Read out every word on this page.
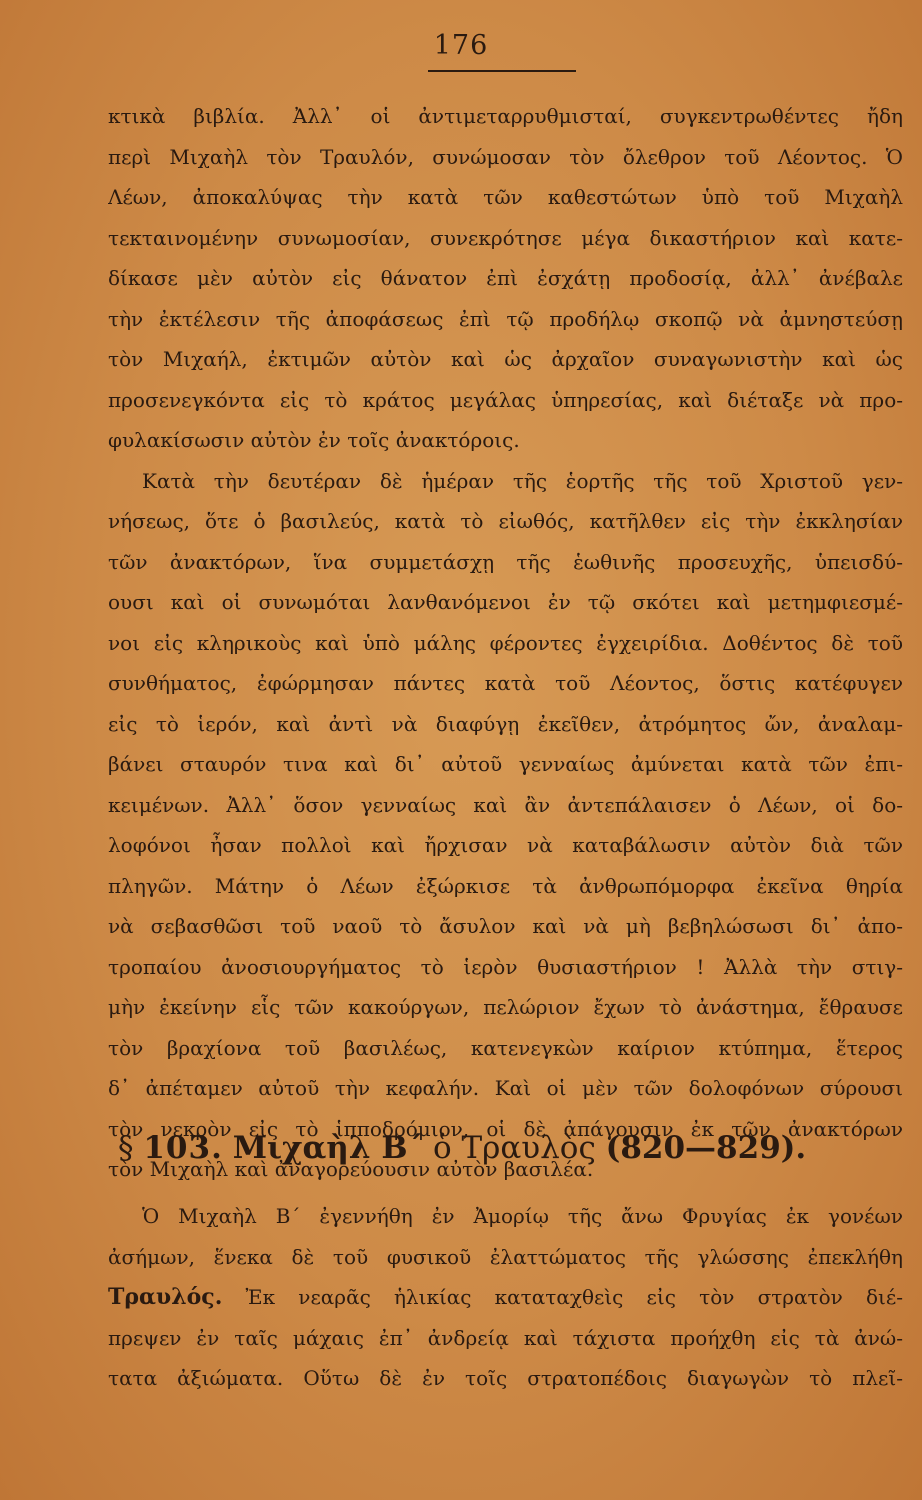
176
κτικὰ βιβλία. Ἀλλ᾽ οἱ ἀντιμεταρρυθμισταί, συγκεντρωθέντες ἤδη
περὶ Μιχαὴλ τὸν Τραυλόν, συνώμοσαν τὸν ὄλεθρον τοῦ Λέοντος. Ὁ
Λέων, ἀποκαλύψας τὴν κατὰ τῶν καθεστώτων ὑπὸ τοῦ Μιχαὴλ
τεκταινομένην συνωμοσίαν, συνεκρότησε μέγα δικαστήριον καὶ κατε-
δίκασε μὲν αὐτὸν εἰς θάνατον ἐπὶ ἐσχάτῃ προδοσίᾳ, ἀλλ᾽ ἀνέβαλε
τὴν ἐκτέλεσιν τῆς ἀποφάσεως ἐπὶ τῷ προδήλῳ σκοπῷ νὰ ἀμνηστεύσῃ
τὸν Μιχαήλ, ἐκτιμῶν αὐτὸν καὶ ὡς ἀρχαῖον συναγωνιστὴν καὶ ὡς
προσενεγκόντα εἰς τὸ κράτος μεγάλας ὑπηρεσίας, καὶ διέταξε νὰ προ-
φυλακίσωσιν αὐτὸν ἐν τοῖς ἀνακτόροις.
Κατὰ τὴν δευτέραν δὲ ἡμέραν τῆς ἑορτῆς τῆς τοῦ Χριστοῦ γεν-
νήσεως, ὅτε ὁ βασιλεύς, κατὰ τὸ εἰωθός, κατῆλθεν εἰς τὴν ἐκκλησίαν
τῶν ἀνακτόρων, ἵνα συμμετάσχῃ τῆς ἑωθινῆς προσευχῆς, ὑπεισδύ-
ουσι καὶ οἱ συνωμόται λανθανόμενοι ἐν τῷ σκότει καὶ μετημφιεσμέ-
νοι εἰς κληρικοὺς καὶ ὑπὸ μάλης φέροντες ἐγχειρίδια. Δοθέντος δὲ τοῦ
συνθήματος, ἐφώρμησαν πάντες κατὰ τοῦ Λέοντος, ὅστις κατέφυγεν
εἰς τὸ ἱερόν, καὶ ἀντὶ νὰ διαφύγῃ ἐκεῖθεν, ἀτρόμητος ὤν, ἀναλαμ-
βάνει σταυρόν τινα καὶ δι᾽ αὐτοῦ γενναίως ἀμύνεται κατὰ τῶν ἐπι-
κειμένων. Ἀλλ᾽ ὅσον γενναίως καὶ ἂν ἀντεπάλαισεν ὁ Λέων, οἱ δο-
λοφόνοι ἦσαν πολλοὶ καὶ ἤρχισαν νὰ καταβάλωσιν αὐτὸν διὰ τῶν
πληγῶν. Μάτην ὁ Λέων ἐξώρκισε τὰ ἀνθρωπόμορφα ἐκεῖνα θηρία
νὰ σεβασθῶσι τοῦ ναοῦ τὸ ἄσυλον καὶ νὰ μὴ βεβηλώσωσι δι᾽ ἀπο-
τροπαίου ἀνοσιουργήματος τὸ ἱερὸν θυσιαστήριον ! Ἀλλὰ τὴν στιγ-
μὴν ἐκείνην εἷς τῶν κακούργων, πελώριον ἔχων τὸ ἀνάστημα, ἔθραυσε
τὸν βραχίονα τοῦ βασιλέως, κατενεγκὼν καίριον κτύπημα, ἕτερος
δ᾽ ἀπέταμεν αὐτοῦ τὴν κεφαλήν. Καὶ οἱ μὲν τῶν δολοφόνων σύρουσι
τὸν νεκρὸν εἰς τὸ ἱπποδρόμιον, οἱ δὲ ἀπάγουσιν ἐκ τῶν ἀνακτόρων
τὸν Μιχαὴλ καὶ ἀναγορεύουσιν αὐτὸν βασιλέα.
§ 103. Μιχαὴλ Β΄ ὁ Τραυλὸς (820—829).
Ὁ Μιχαὴλ Β΄ ἐγεννήθη ἐν Ἀμορίῳ τῆς ἄνω Φρυγίας ἐκ γονέων
ἀσήμων, ἕνεκα δὲ τοῦ φυσικοῦ ἐλαττώματος τῆς γλώσσης ἐπεκλήθη
Τραυλός. Ἐκ νεαρᾶς ἡλικίας καταταχθεὶς εἰς τὸν στρατὸν διέ-
πρεψεν ἐν ταῖς μάχαις ἐπ᾽ ἀνδρείᾳ καὶ τάχιστα προήχθη εἰς τὰ ἀνώ-
τατα ἀξιώματα. Οὕτω δὲ ἐν τοῖς στρατοπέδοις διαγωγὼν τὸ πλεῖ-
